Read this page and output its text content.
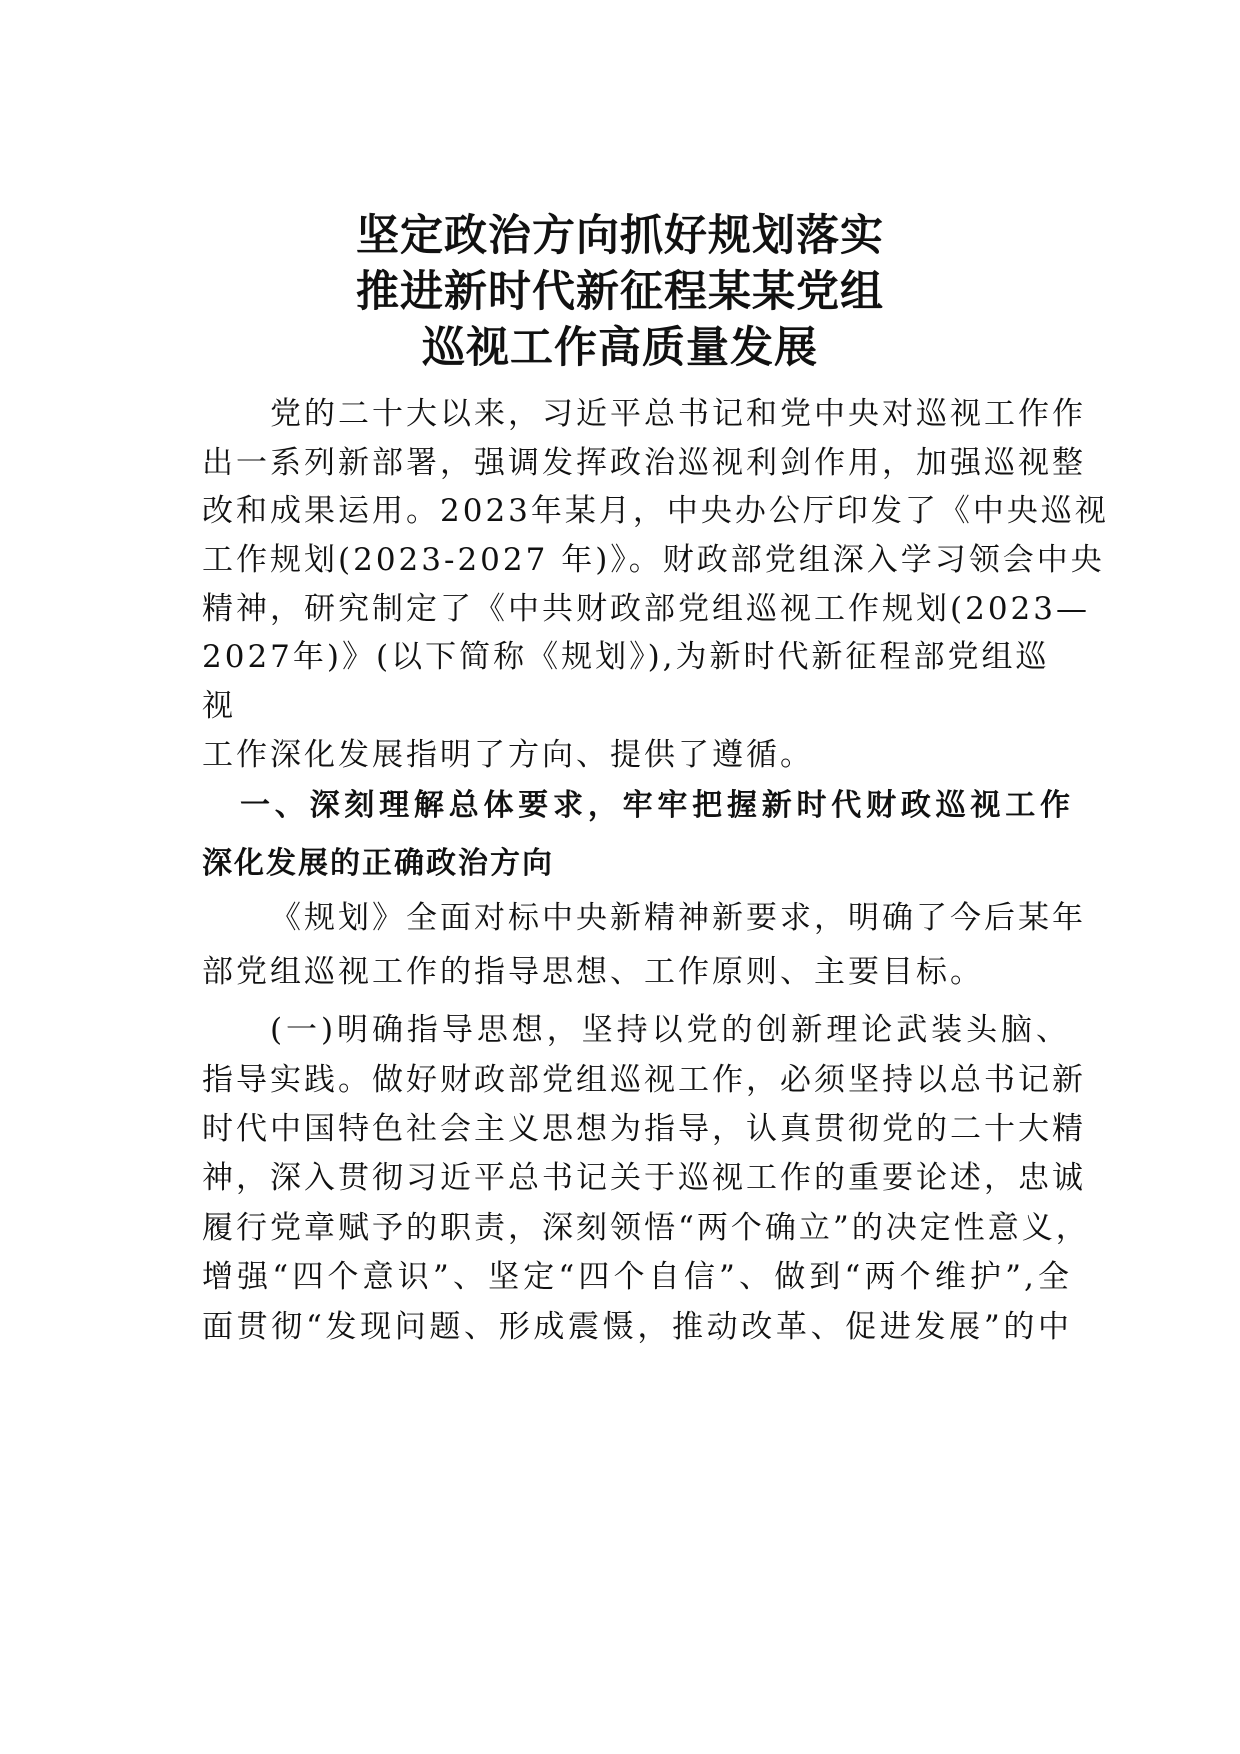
坚定政治方向抓好规划落实
推进新时代新征程某某党组
巡视工作高质量发展
党的二十大以来，习近平总书记和党中央对巡视工作作
出一系列新部署，强调发挥政治巡视利剑作用，加强巡视整
改和成果运用。2023年某月，中央办公厅印发了《中央巡视
工作规划(2023-2027 年)》。财政部党组深入学习领会中央
精神，研究制定了《中共财政部党组巡视工作规划(2023—
2027年)》(以下简称《规划》),为新时代新征程部党组巡
视
工作深化发展指明了方向、提供了遵循。
一、深刻理解总体要求，牢牢把握新时代财政巡视工作
深化发展的正确政治方向
《规划》全面对标中央新精神新要求，明确了今后某年
部党组巡视工作的指导思想、工作原则、主要目标。
(一)明确指导思想，坚持以党的创新理论武装头脑、
指导实践。做好财政部党组巡视工作，必须坚持以总书记新
时代中国特色社会主义思想为指导，认真贯彻党的二十大精
神，深入贯彻习近平总书记关于巡视工作的重要论述，忠诚
履行党章赋予的职责，深刻领悟“两个确立”的决定性意义，
增强“四个意识”、坚定“四个自信”、做到“两个维护”,全
面贯彻“发现问题、形成震慑，推动改革、促进发展”的中
